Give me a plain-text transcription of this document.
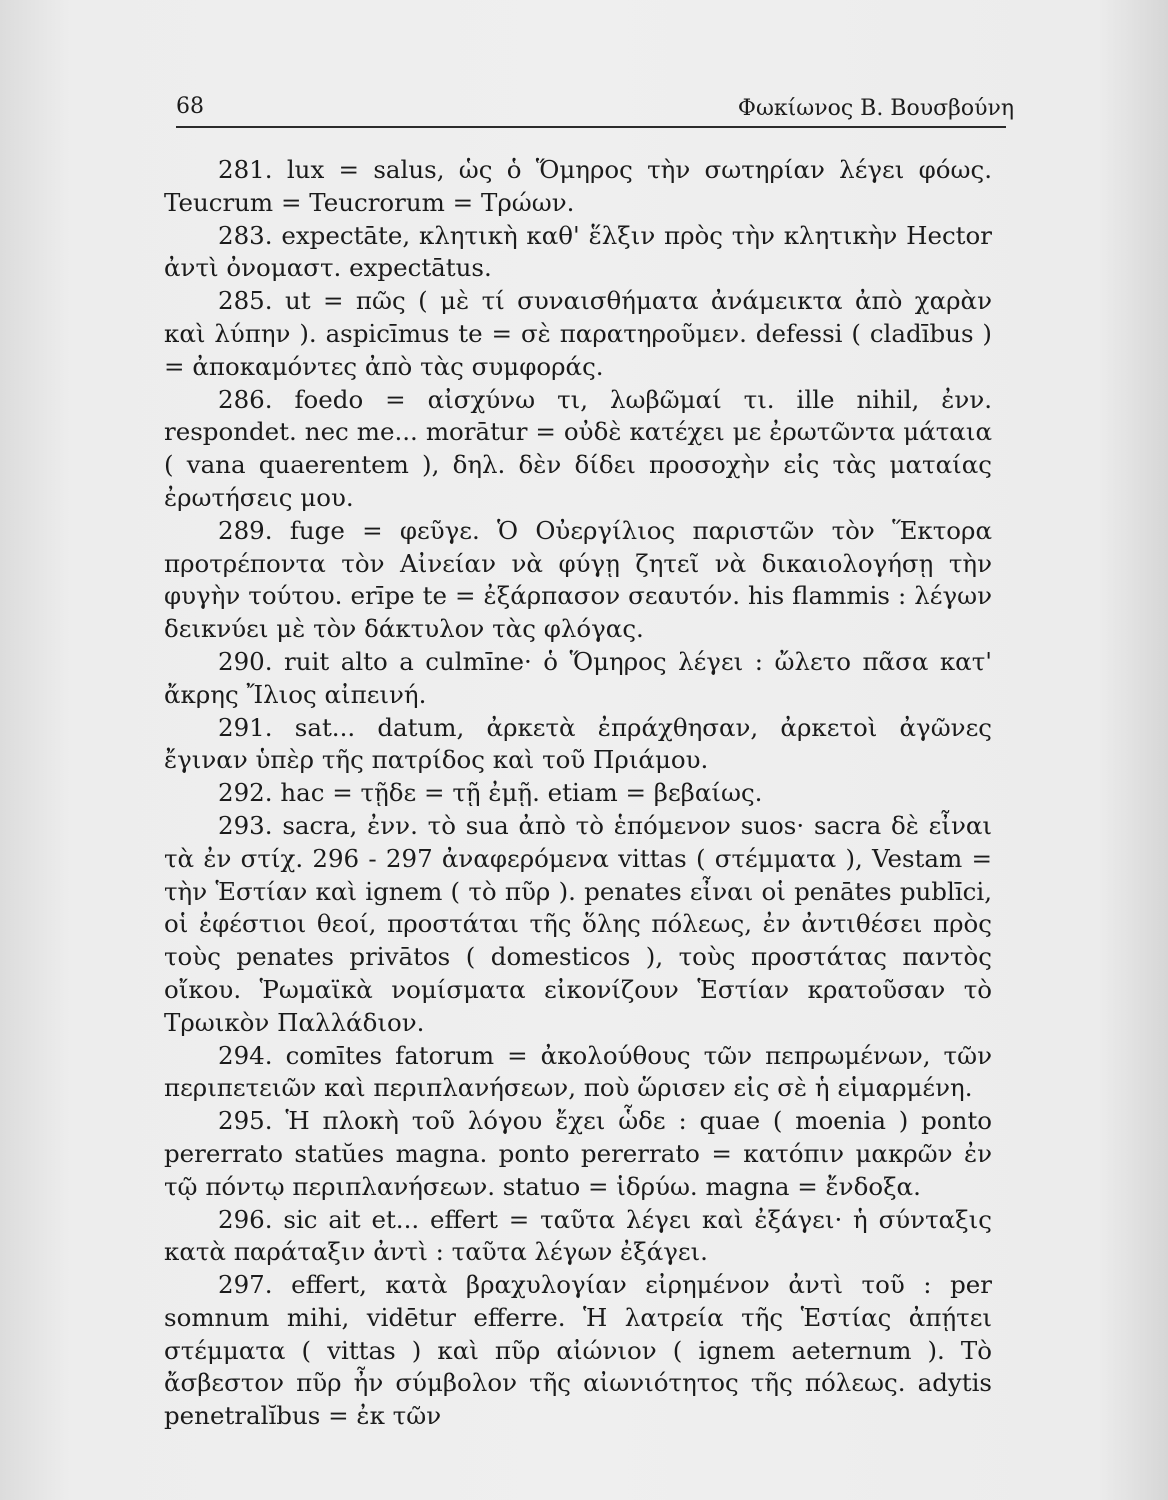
68	Φωκίωνος Β. Βουσβούνη

281. lux = salus, ὡς ὁ Ὅμηρος τὴν σωτηρίαν λέγει φόως. Teucrum = Teucrorum = Τρώων.

283. expectāte, κλητικὴ καθ' ἕλξιν πρὸς τὴν κλητικὴν Hector ἀντὶ ὀνομαστ. expectātus.

285. ut = πῶς ( μὲ τί συναισθήματα ἀνάμεικτα ἀπὸ χαρὰν καὶ λύπην ). aspicīmus te = σὲ παρατηροῦμεν. defessi ( cladībus ) = ἀποκαμόντες ἀπὸ τὰς συμφοράς.

286. foedo = αἰσχύνω τι, λωβῶμαί τι. ille nihil, ἐνν. respondet. nec me... morātur = οὐδὲ κατέχει με ἐρωτῶντα μάταια ( vana quaerentem ), δηλ. δὲν δίδει προσοχὴν εἰς τὰς ματαίας ἐρωτήσεις μου.

289. fuge = φεῦγε. Ὁ Οὐεργίλιος παριστῶν τὸν Ἕκτορα προτρέποντα τὸν Αἰνείαν νὰ φύγῃ ζητεῖ νὰ δικαιολογήσῃ τὴν φυγὴν τούτου. erīpe te = ἐξάρπασον σεαυτόν. his flammis : λέγων δεικνύει μὲ τὸν δάκτυλον τὰς φλόγας.

290. ruit alto a culmīne· ὁ Ὅμηρος λέγει : ὤλετο πᾶσα κατ' ἄκρης Ἴλιος αἰπεινή.

291. sat... datum, ἀρκετὰ ἐπράχθησαν, ἀρκετοὶ ἀγῶνες ἔγιναν ὑπὲρ τῆς πατρίδος καὶ τοῦ Πριάμου.

292. hac = τῇδε = τῇ ἐμῇ. etiam = βεβαίως.

293. sacra, ἐνν. τὸ sua ἀπὸ τὸ ἑπόμενον suos· sacra δὲ εἶναι τὰ ἐν στίχ. 296 - 297 ἀναφερόμενα vittas ( στέμματα ), Vestam = τὴν Ἑστίαν καὶ ignem ( τὸ πῦρ ). penates εἶναι οἱ penātes publīci, οἱ ἐφέστιοι θεοί, προστάται τῆς ὅλης πόλεως, ἐν ἀντιθέσει πρὸς τοὺς penates privātos ( domesticos ), τοὺς προστάτας παντὸς οἴκου. Ῥωμαϊκὰ νομίσματα εἰκονίζουν Ἑστίαν κρατοῦσαν τὸ Τρωικὸν Παλλάδιον.

294. comītes fatorum = ἀκολούθους τῶν πεπρωμένων, τῶν περιπετειῶν καὶ περιπλανήσεων, ποὺ ὥρισεν εἰς σὲ ἡ εἱμαρμένη.

295. Ἡ πλοκὴ τοῦ λόγου ἔχει ὧδε : quae ( moenia ) ponto pererrato statŭes magna. ponto pererrato = κατόπιν μακρῶν ἐν τῷ πόντῳ περιπλανήσεων. statuo = ἱδρύω. magna = ἔνδοξα.

296. sic ait et... effert = ταῦτα λέγει καὶ ἐξάγει· ἡ σύνταξις κατὰ παράταξιν ἀντὶ : ταῦτα λέγων ἐξάγει.

297. effert, κατὰ βραχυλογίαν εἰρημένον ἀντὶ τοῦ : per somnum mihi, vidētur efferre. Ἡ λατρεία τῆς Ἑστίας ἀπῄτει στέμματα ( vittas ) καὶ πῦρ αἰώνιον ( ignem aeternum ). Τὸ ἄσβεστον πῦρ ἦν σύμβολον τῆς αἰωνιότητος τῆς πόλεως. adytis penetralĭbus = ἐκ τῶν
